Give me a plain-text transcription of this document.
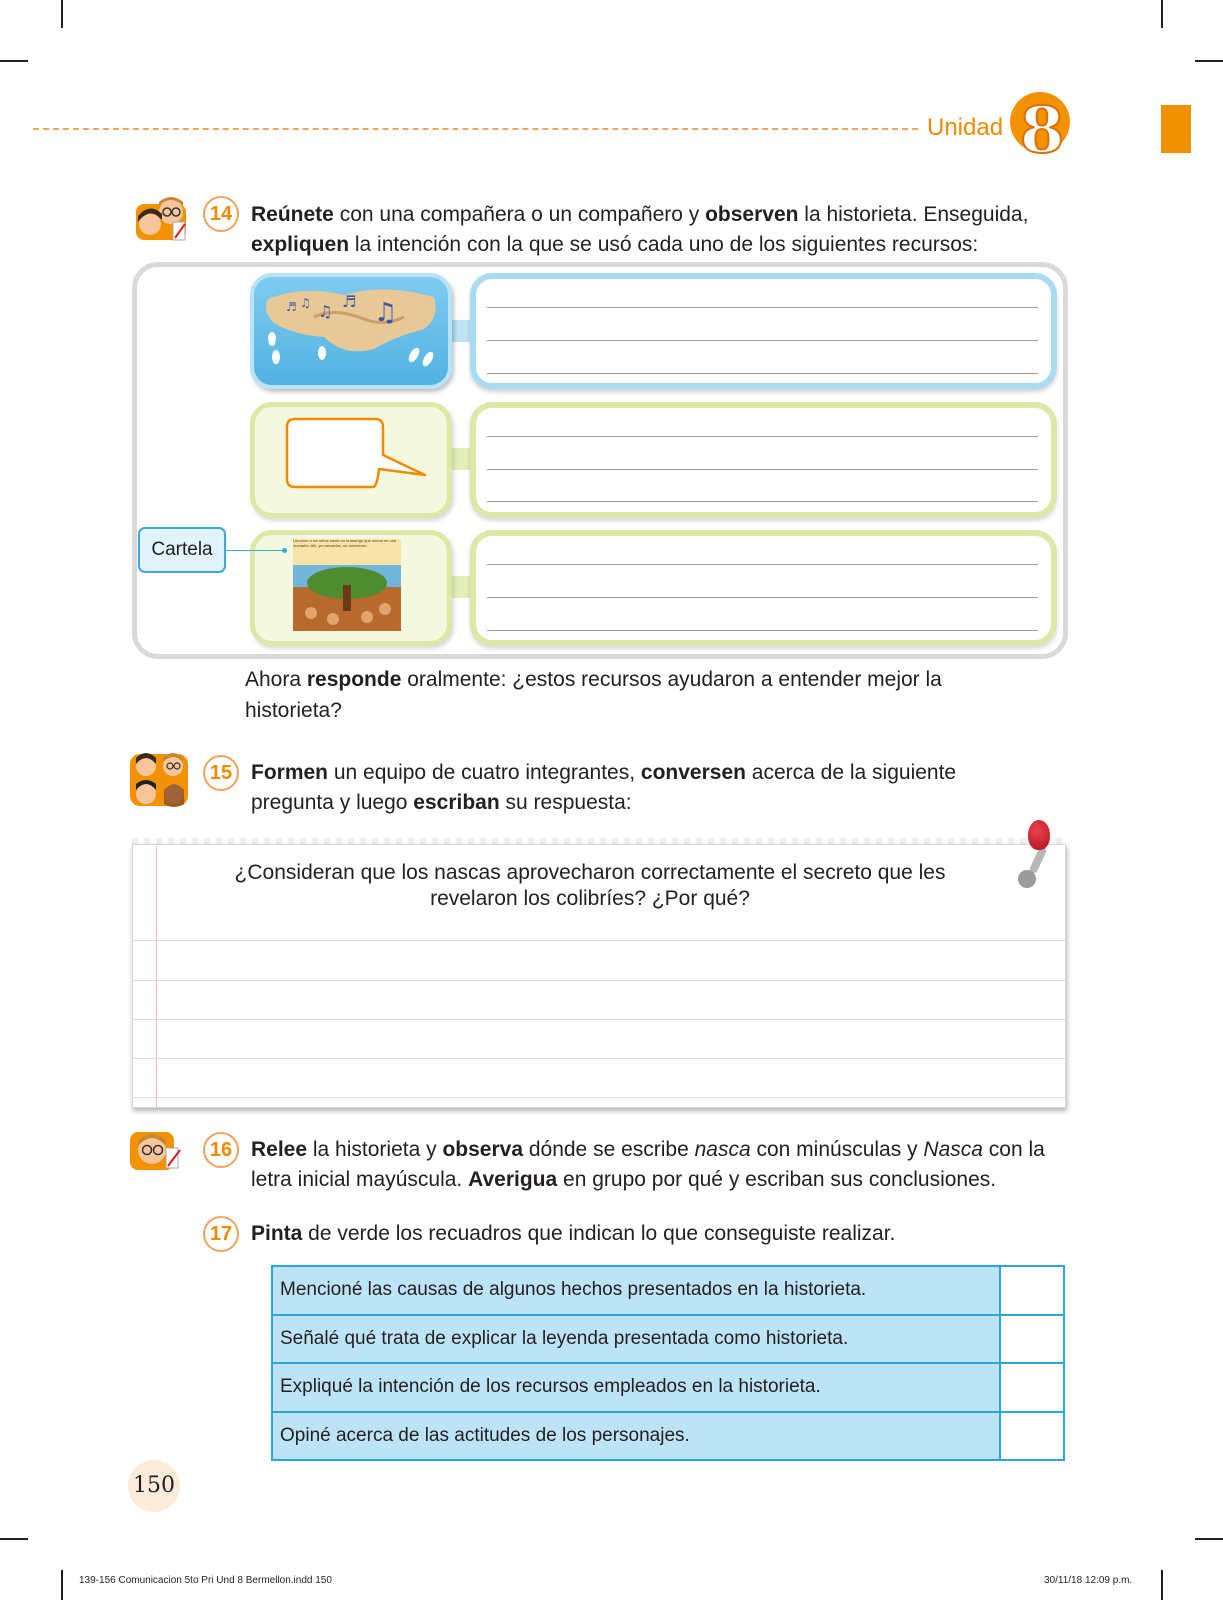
Unidad 8
14 Reúnete con una compañera o un compañero y observen la historieta. Enseguida, expliquen la intención con la que se usó cada uno de los siguientes recursos:
♬ ♫ ♫
♬ ♫
Llevaron a los niños hasta un huarango que crecía en una montaña. Allí, ya cansados, se durmieron.
Cartela
Ahora responde oralmente: ¿estos recursos ayudaron a entender mejor la historieta?
15 Formen un equipo de cuatro integrantes, conversen acerca de la siguiente pregunta y luego escriban su respuesta:
¿Consideran que los nascas aprovecharon correctamente el secreto que les revelaron los colibríes? ¿Por qué?
16 Relee la historieta y observa dónde se escribe nasca con minúsculas y Nasca con la letra inicial mayúscula. Averigua en grupo por qué y escriban sus conclusiones.
17 Pinta de verde los recuadros que indican lo que conseguiste realizar.
Mencioné las causas de algunos hechos presentados en la historieta.	
Señalé qué trata de explicar la leyenda presentada como historieta.	
Expliqué la intención de los recursos empleados en la historieta.	
Opiné acerca de las actitudes de los personajes.	
150
139-156 Comunicacion 5to Pri Und 8 Bermellon.indd 150	30/11/18 12:09 p.m.
